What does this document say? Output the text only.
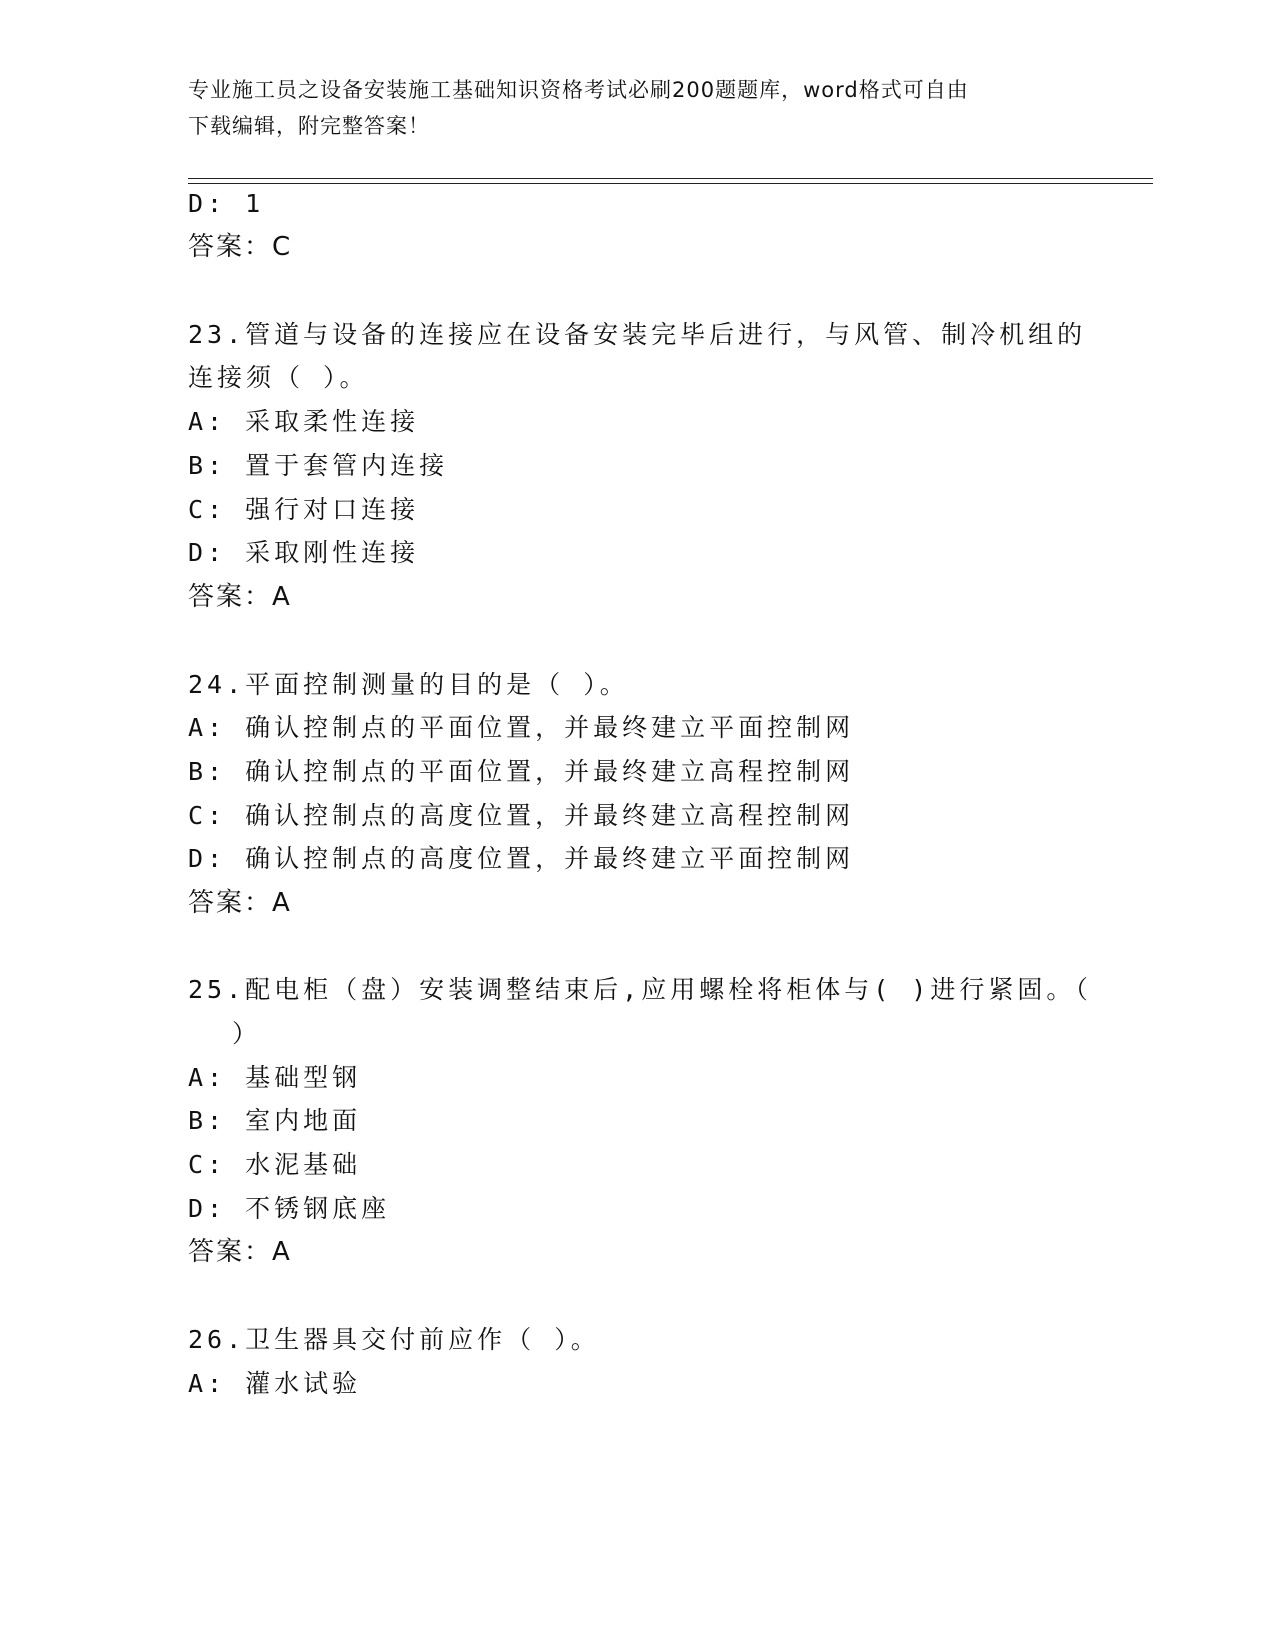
专业施工员之设备安装施工基础知识资格考试必刷200题题库，word格式可自由
下载编辑，附完整答案！
D: 1
答案：C
23.管道与设备的连接应在设备安装完毕后进行，与风管、制冷机组的
连接须（ ）。
A: 采取柔性连接
B: 置于套管内连接
C: 强行对口连接
D: 采取刚性连接
答案：A
24.平面控制测量的目的是（ ）。
A: 确认控制点的平面位置，并最终建立平面控制网
B: 确认控制点的平面位置，并最终建立高程控制网
C: 确认控制点的高度位置，并最终建立高程控制网
D: 确认控制点的高度位置，并最终建立平面控制网
答案：A
25.配电柜（盘）安装调整结束后,应用螺栓将柜体与( )进行紧固。（
）
A: 基础型钢
B: 室内地面
C: 水泥基础
D: 不锈钢底座
答案：A
26.卫生器具交付前应作（ ）。
A: 灌水试验
